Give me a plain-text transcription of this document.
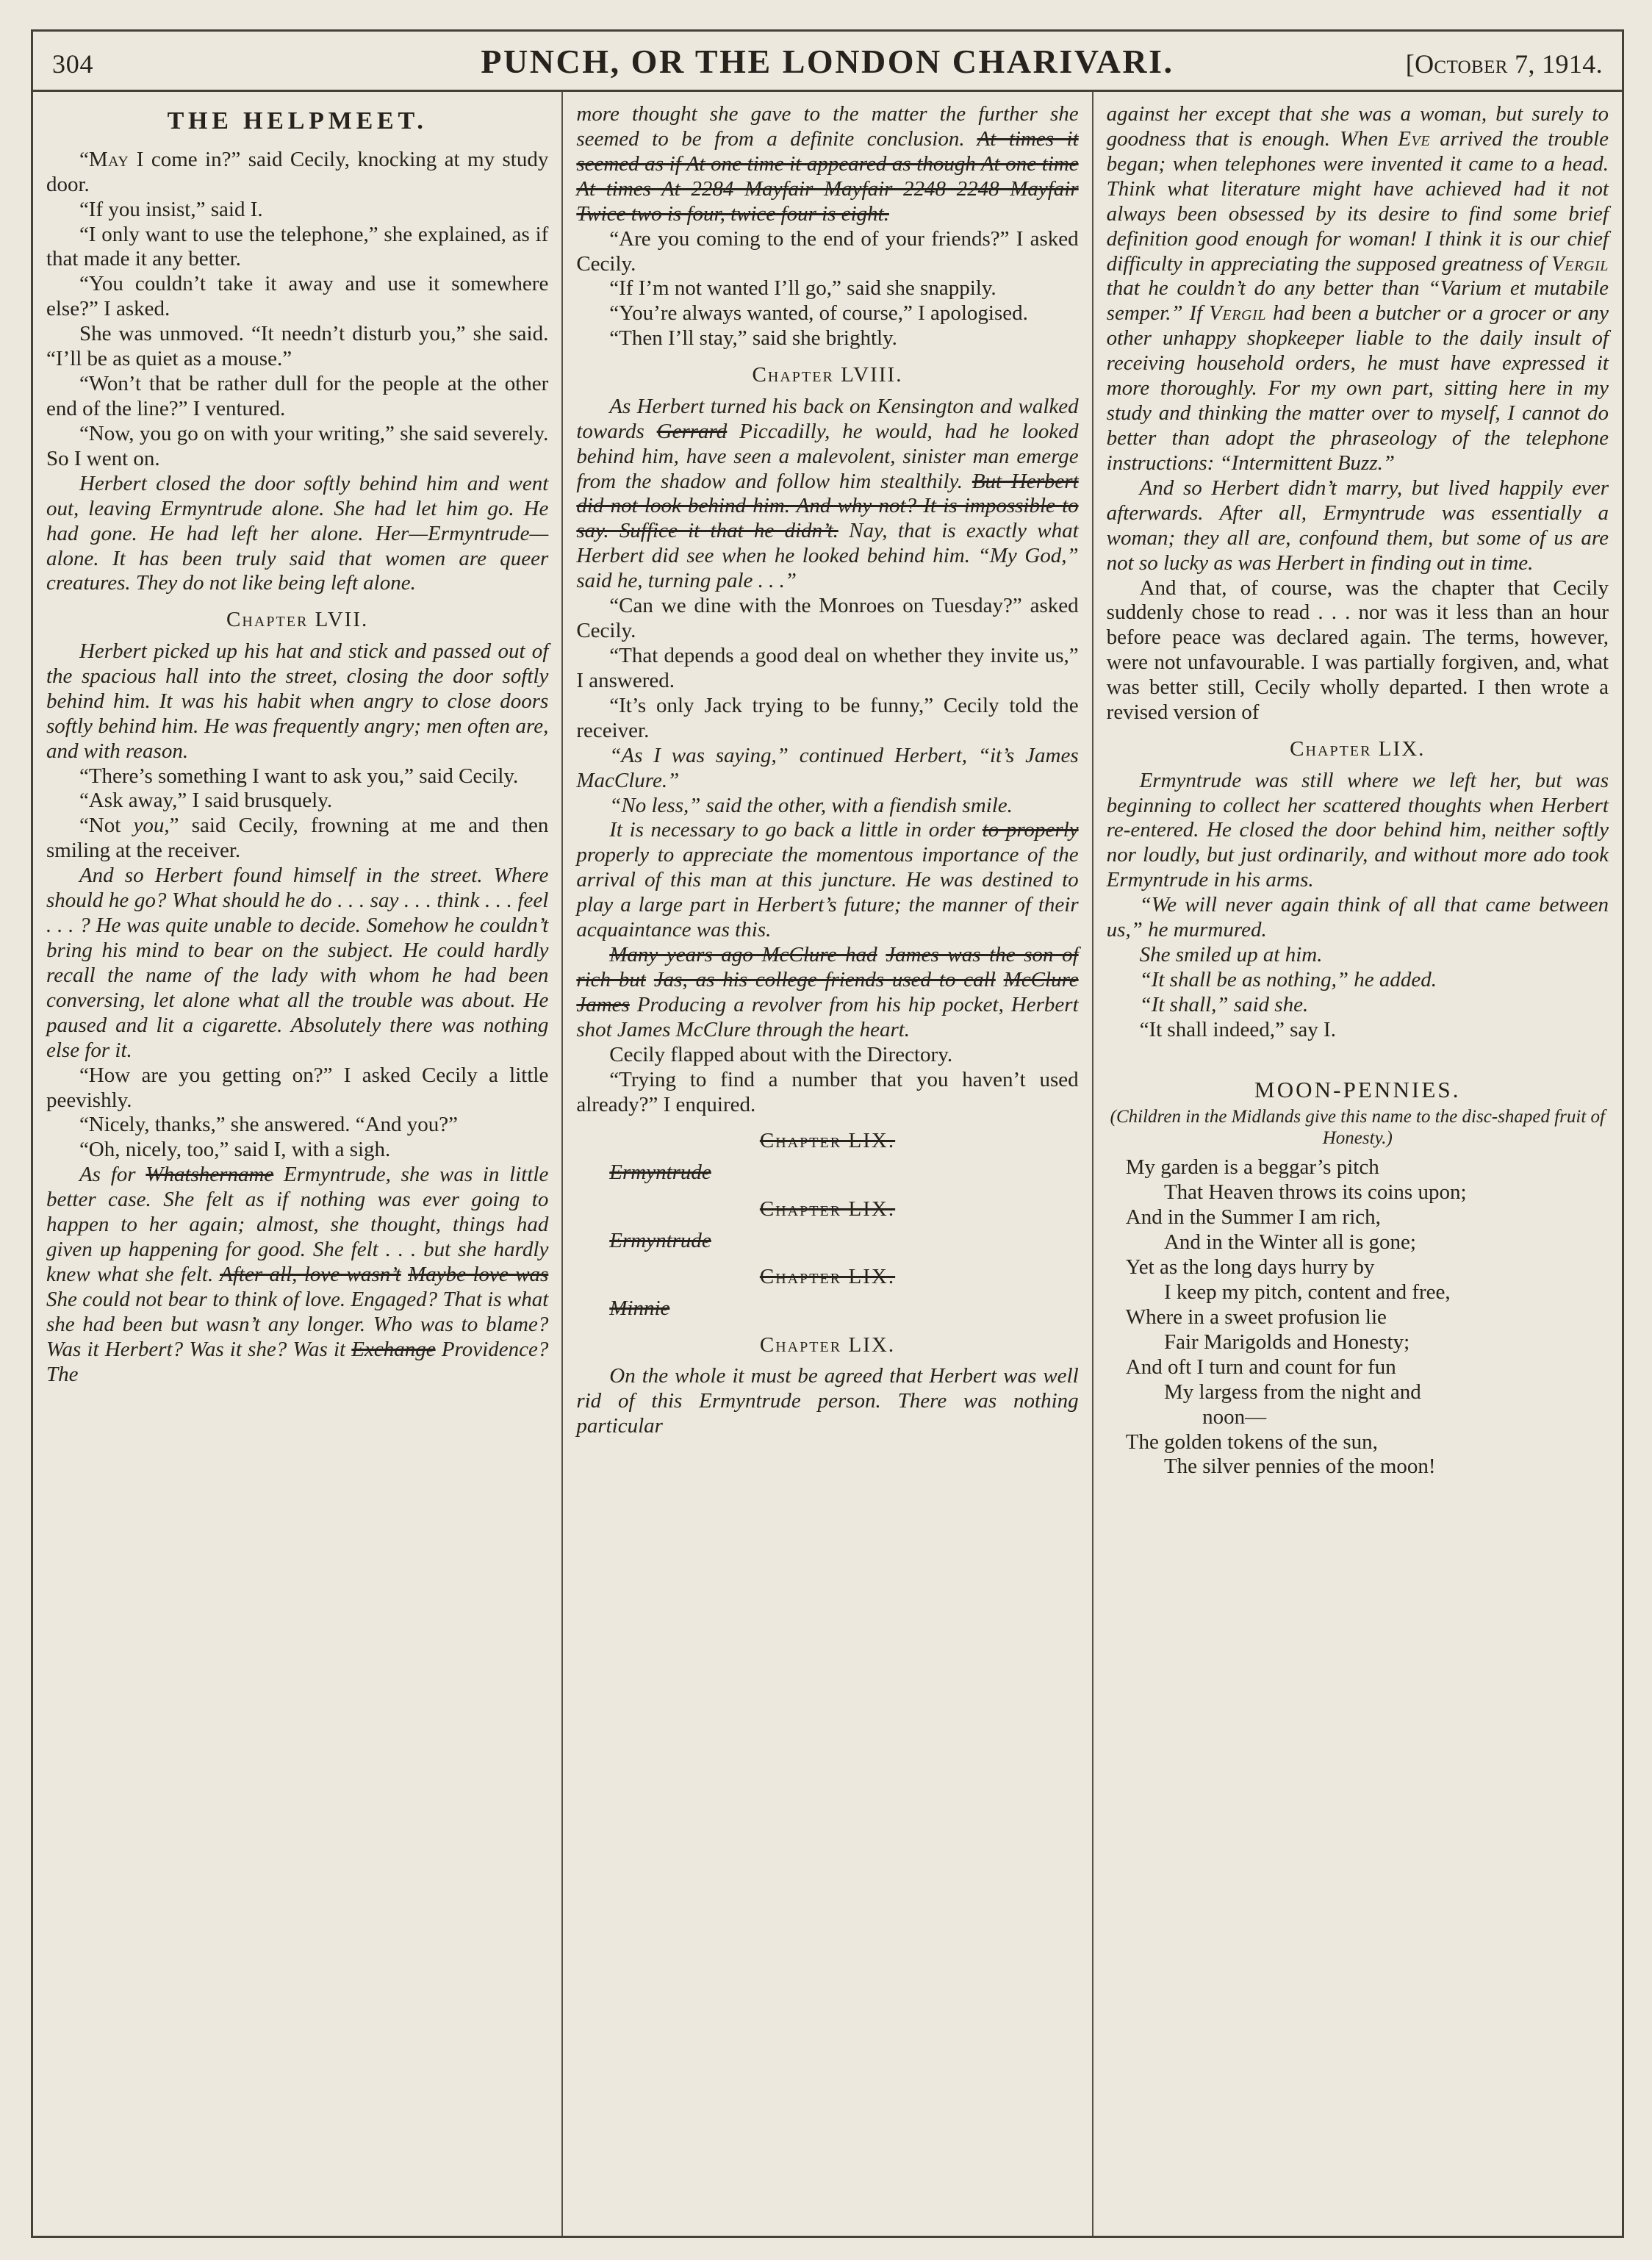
304	PUNCH, OR THE LONDON CHARIVARI.	[October 7, 1914.
THE HELPMEET.

“May I come in?” said Cecily, knocking at my study door.

“If you insist,” said I.

“I only want to use the telephone,” she explained, as if that made it any better.

“You couldn’t take it away and use it somewhere else?” I asked.

She was unmoved. “It needn’t disturb you,” she said. “I’ll be as quiet as a mouse.”

“Won’t that be rather dull for the people at the other end of the line?” I ventured.

“Now, you go on with your writing,” she said severely. So I went on.

Herbert closed the door softly behind him and went out, leaving Ermyntrude alone. She had let him go. He had gone. He had left her alone. Her—Ermyntrude—alone. It has been truly said that women are queer creatures. They do not like being left alone.

Chapter LVII.

Herbert picked up his hat and stick and passed out of the spacious hall into the street, closing the door softly behind him. It was his habit when angry to close doors softly behind him. He was frequently angry; men often are, and with reason.

“There’s something I want to ask you,” said Cecily.

“Ask away,” I said brusquely.

“Not you,” said Cecily, frowning at me and then smiling at the receiver.

And so Herbert found himself in the street. Where should he go? What should he do . . . say . . . think . . . feel . . . ? He was quite unable to decide. Somehow he couldn’t bring his mind to bear on the subject. He could hardly recall the name of the lady with whom he had been conversing, let alone what all the trouble was about. He paused and lit a cigarette. Absolutely there was nothing else for it.

“How are you getting on?” I asked Cecily a little peevishly.

“Nicely, thanks,” she answered. “And you?”

“Oh, nicely, too,” said I, with a sigh.

As for Whatshername Ermyntrude, she was in little better case. She felt as if nothing was ever going to happen to her again; almost, she thought, things had given up happening for good. She felt . . . but she hardly knew what she felt. After all, love wasn’t Maybe love was She could not bear to think of love. Engaged? That is what she had been but wasn’t any longer. Who was to blame? Was it Herbert? Was it she? Was it Exchange Providence? The

more thought she gave to the matter the further she seemed to be from a definite conclusion. At times it seemed as if At one time it appeared as though At one time At times At 2284 Mayfair Mayfair 2248 2248 Mayfair Twice two is four, twice four is eight.

“Are you coming to the end of your friends?” I asked Cecily.

“If I’m not wanted I’ll go,” said she snappily.

“You’re always wanted, of course,” I apologised.

“Then I’ll stay,” said she brightly.

Chapter LVIII.

As Herbert turned his back on Kensington and walked towards Gerrard Piccadilly, he would, had he looked behind him, have seen a malevolent, sinister man emerge from the shadow and follow him stealthily. But Herbert did not look behind him. And why not? It is impossible to say. Suffice it that he didn’t. Nay, that is exactly what Herbert did see when he looked behind him. “My God,” said he, turning pale . . .”

“Can we dine with the Monroes on Tuesday?” asked Cecily.

“That depends a good deal on whether they invite us,” I answered.

“It’s only Jack trying to be funny,” Cecily told the receiver.

“As I was saying,” continued Herbert, “it’s James MacClure.”

“No less,” said the other, with a fiendish smile.

It is necessary to go back a little in order to properly properly to appreciate the momentous importance of the arrival of this man at this juncture. He was destined to play a large part in Herbert’s future; the manner of their acquaintance was this.

Many years ago McClure had James was the son of rich but Jas, as his college friends used to call McClure James Producing a revolver from his hip pocket, Herbert shot James McClure through the heart.

Cecily flapped about with the Directory.

“Trying to find a number that you haven’t used already?” I enquired.

Chapter LIX.

Ermyntrude

Chapter LIX.

Ermyntrude

Chapter LIX.

Minnie

Chapter LIX.

On the whole it must be agreed that Herbert was well rid of this Ermyntrude person. There was nothing particular

against her except that she was a woman, but surely to goodness that is enough. When Eve arrived the trouble began; when telephones were invented it came to a head. Think what literature might have achieved had it not always been obsessed by its desire to find some brief definition good enough for woman! I think it is our chief difficulty in appreciating the supposed greatness of Vergil that he couldn’t do any better than “Varium et mutabile semper.” If Vergil had been a butcher or a grocer or any other unhappy shopkeeper liable to the daily insult of receiving household orders, he must have expressed it more thoroughly. For my own part, sitting here in my study and thinking the matter over to myself, I cannot do better than adopt the phraseology of the telephone instructions: “Intermittent Buzz.”

And so Herbert didn’t marry, but lived happily ever afterwards. After all, Ermyntrude was essentially a woman; they all are, confound them, but some of us are not so lucky as was Herbert in finding out in time.

And that, of course, was the chapter that Cecily suddenly chose to read . . . nor was it less than an hour before peace was declared again. The terms, however, were not unfavourable. I was partially forgiven, and, what was better still, Cecily wholly departed. I then wrote a revised version of

Chapter LIX.

Ermyntrude was still where we left her, but was beginning to collect her scattered thoughts when Herbert re-entered. He closed the door behind him, neither softly nor loudly, but just ordinarily, and without more ado took Ermyntrude in his arms.

“We will never again think of all that came between us,” he murmured.

She smiled up at him.

“It shall be as nothing,” he added.

“It shall,” said she.

“It shall indeed,” say I.

MOON-PENNIES.

(Children in the Midlands give this name to the disc-shaped fruit of Honesty.)

My garden is a beggar’s pitch
That Heaven throws its coins upon;
And in the Summer I am rich,
And in the Winter all is gone;
Yet as the long days hurry by
I keep my pitch, content and free,
Where in a sweet profusion lie
Fair Marigolds and Honesty;
And oft I turn and count for fun
My largess from the night and
noon—
The golden tokens of the sun,
The silver pennies of the moon!
